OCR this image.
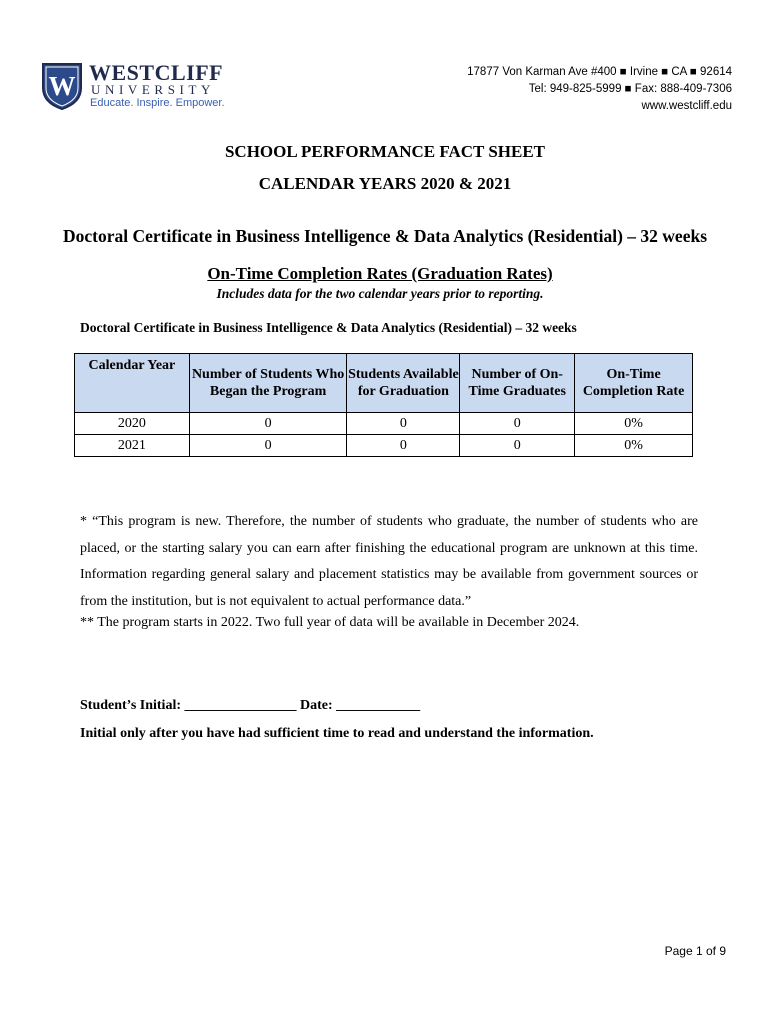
W WESTCLIFF
UNIVERSITY
Educate. Inspire. Empower.
17877 Von Karman Ave #400 ■ Irvine ■ CA ■ 92614
Tel: 949-825-5999 ■ Fax: 888-409-7306
www.westcliff.edu
SCHOOL PERFORMANCE FACT SHEET
CALENDAR YEARS 2020 & 2021
Doctoral Certificate in Business Intelligence & Data Analytics (Residential) – 32 weeks
On-Time Completion Rates (Graduation Rates)
Includes data for the two calendar years prior to reporting.
Doctoral Certificate in Business Intelligence & Data Analytics (Residential) – 32 weeks
Calendar Year	Number of Students Who Began the Program	Students Available for Graduation	Number of On-Time Graduates	On-Time Completion Rate
2020	0	0	0	0%
2021	0	0	0	0%
* “This program is new. Therefore, the number of students who graduate, the number of students who are placed, or the starting salary you can earn after finishing the educational program are unknown at this time. Information regarding general salary and placement statistics may be available from government sources or from the institution, but is not equivalent to actual performance data.”
** The program starts in 2022. Two full year of data will be available in December 2024.
Student’s Initial: ________________ Date: ____________
Initial only after you have had sufficient time to read and understand the information.
Page 1 of 9
